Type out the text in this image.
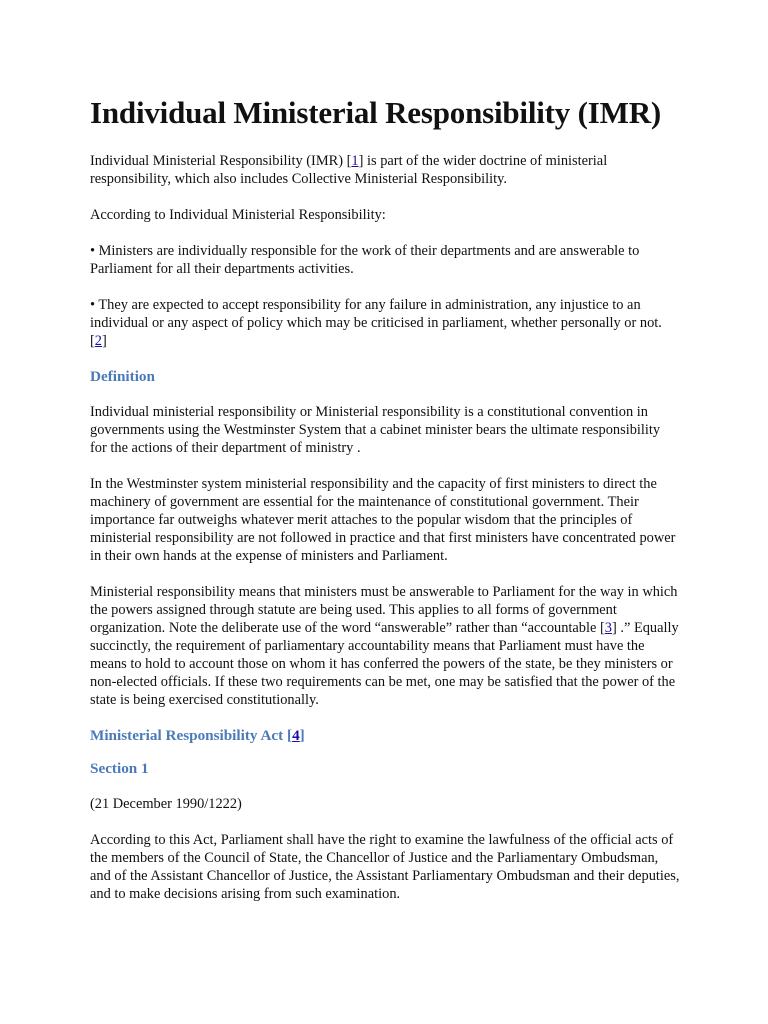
Individual Ministerial Responsibility (IMR)

Individual Ministerial Responsibility (IMR) [1] is part of the wider doctrine of ministerial responsibility, which also includes Collective Ministerial Responsibility.

According to Individual Ministerial Responsibility:

• Ministers are individually responsible for the work of their departments and are answerable to Parliament for all their departments activities.

• They are expected to accept responsibility for any failure in administration, any injustice to an individual or any aspect of policy which may be criticised in parliament, whether personally or not. [2]

Definition

Individual ministerial responsibility or Ministerial responsibility is a constitutional convention in governments using the Westminster System that a cabinet minister bears the ultimate responsibility for the actions of their department of ministry .

In the Westminster system ministerial responsibility and the capacity of first ministers to direct the machinery of government are essential for the maintenance of constitutional government. Their importance far outweighs whatever merit attaches to the popular wisdom that the principles of ministerial responsibility are not followed in practice and that first ministers have concentrated power in their own hands at the expense of ministers and Parliament.

Ministerial responsibility means that ministers must be answerable to Parliament for the way in which the powers assigned through statute are being used. This applies to all forms of government organization. Note the deliberate use of the word “answerable” rather than “accountable [3] .” Equally succinctly, the requirement of parliamentary accountability means that Parliament must have the means to hold to account those on whom it has conferred the powers of the state, be they ministers or non-elected officials. If these two requirements can be met, one may be satisfied that the power of the state is being exercised constitutionally.

Ministerial Responsibility Act [4]
Section 1

(21 December 1990/1222)

According to this Act, Parliament shall have the right to examine the lawfulness of the official acts of the members of the Council of State, the Chancellor of Justice and the Parliamentary Ombudsman, and of the Assistant Chancellor of Justice, the Assistant Parliamentary Ombudsman and their deputies, and to make decisions arising from such examination.
